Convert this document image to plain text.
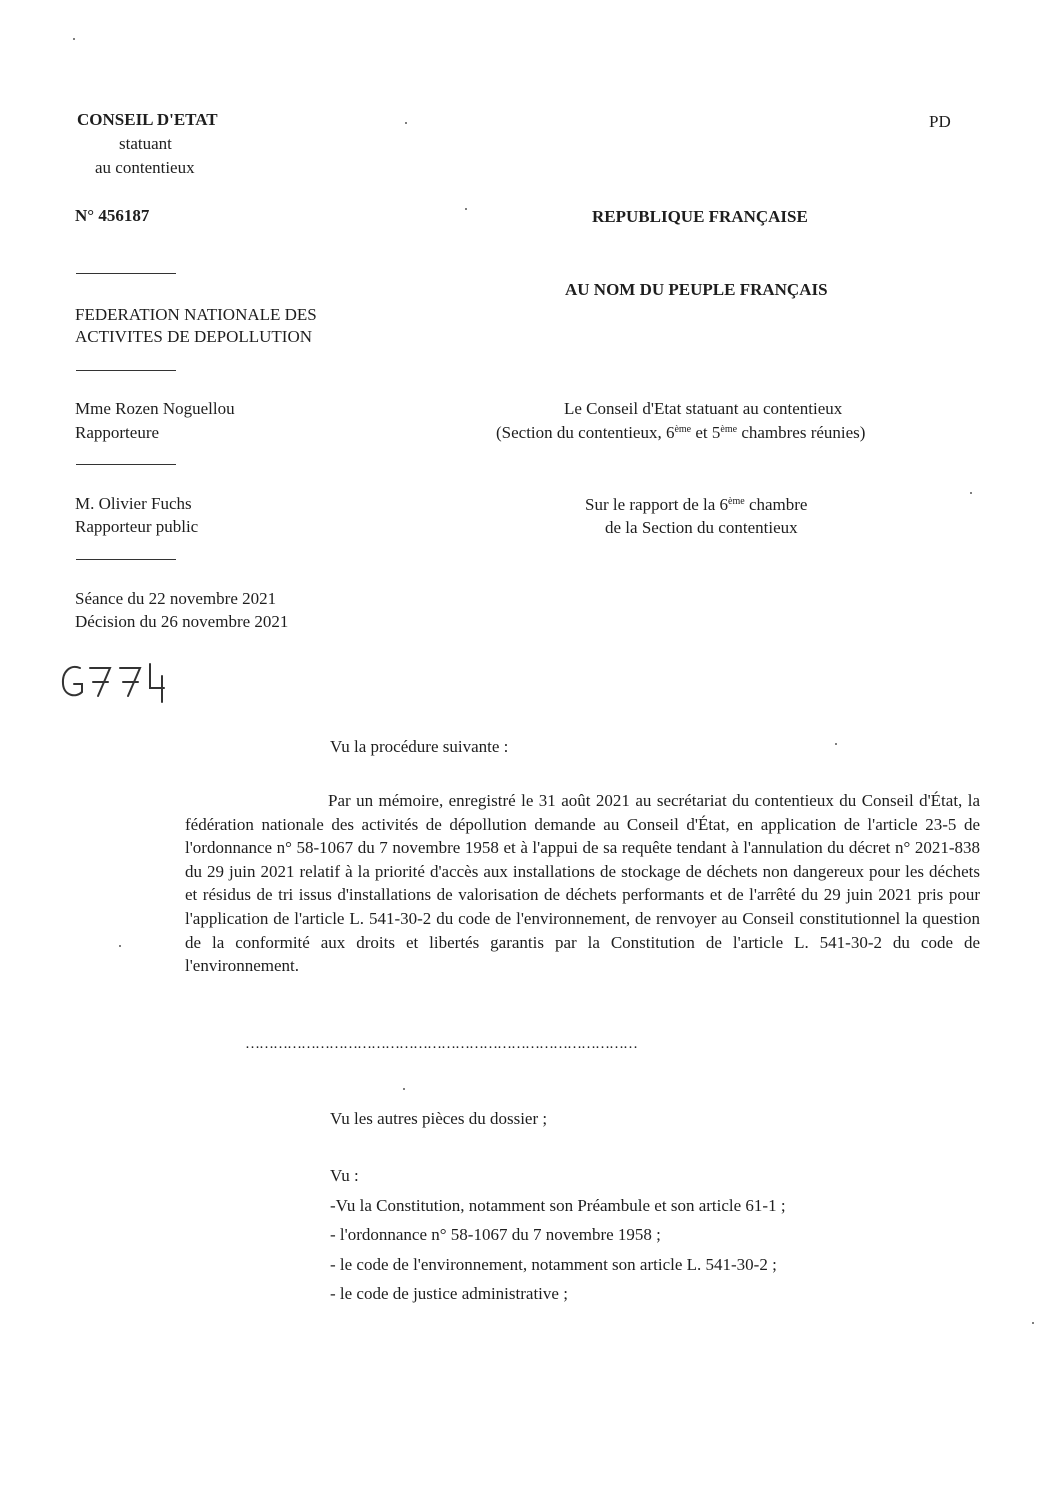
CONSEIL D'ETAT
statuant
au contentieux
PD
N° 456187	REPUBLIQUE FRANÇAISE
AU NOM DU PEUPLE FRANÇAIS
FEDERATION NATIONALE DES
ACTIVITES DE DEPOLLUTION
Mme Rozen Noguellou
Rapporteure
Le Conseil d'Etat statuant au contentieux
(Section du contentieux, 6ème et 5ème chambres réunies)
M. Olivier Fuchs
Rapporteur public
Sur le rapport de la 6ème chambre
de la Section du contentieux
Séance du 22 novembre 2021
Décision du 26 novembre 2021
Vu la procédure suivante :

Par un mémoire, enregistré le 31 août 2021 au secrétariat du contentieux du Conseil d'État, la fédération nationale des activités de dépollution demande au Conseil d'État, en application de l'article 23-5 de l'ordonnance n° 58-1067 du 7 novembre 1958 et à l'appui de sa requête tendant à l'annulation du décret n° 2021-838 du 29 juin 2021 relatif à la priorité d'accès aux installations de stockage de déchets non dangereux pour les déchets et résidus de tri issus d'installations de valorisation de déchets performants et de l'arrêté du 29 juin 2021 pris pour l'application de l'article L. 541-30-2 du code de l'environnement, de renvoyer au Conseil constitutionnel la question de la conformité aux droits et libertés garantis par la Constitution de l'article L. 541-30-2 du code de l'environnement.

…………………………………………………………………………
Vu les autres pièces du dossier ;
Vu :
-Vu la Constitution, notamment son Préambule et son article 61-1 ;
- l'ordonnance n° 58-1067 du 7 novembre 1958 ;
- le code de l'environnement, notamment son article L. 541-30-2 ;
- le code de justice administrative ;
